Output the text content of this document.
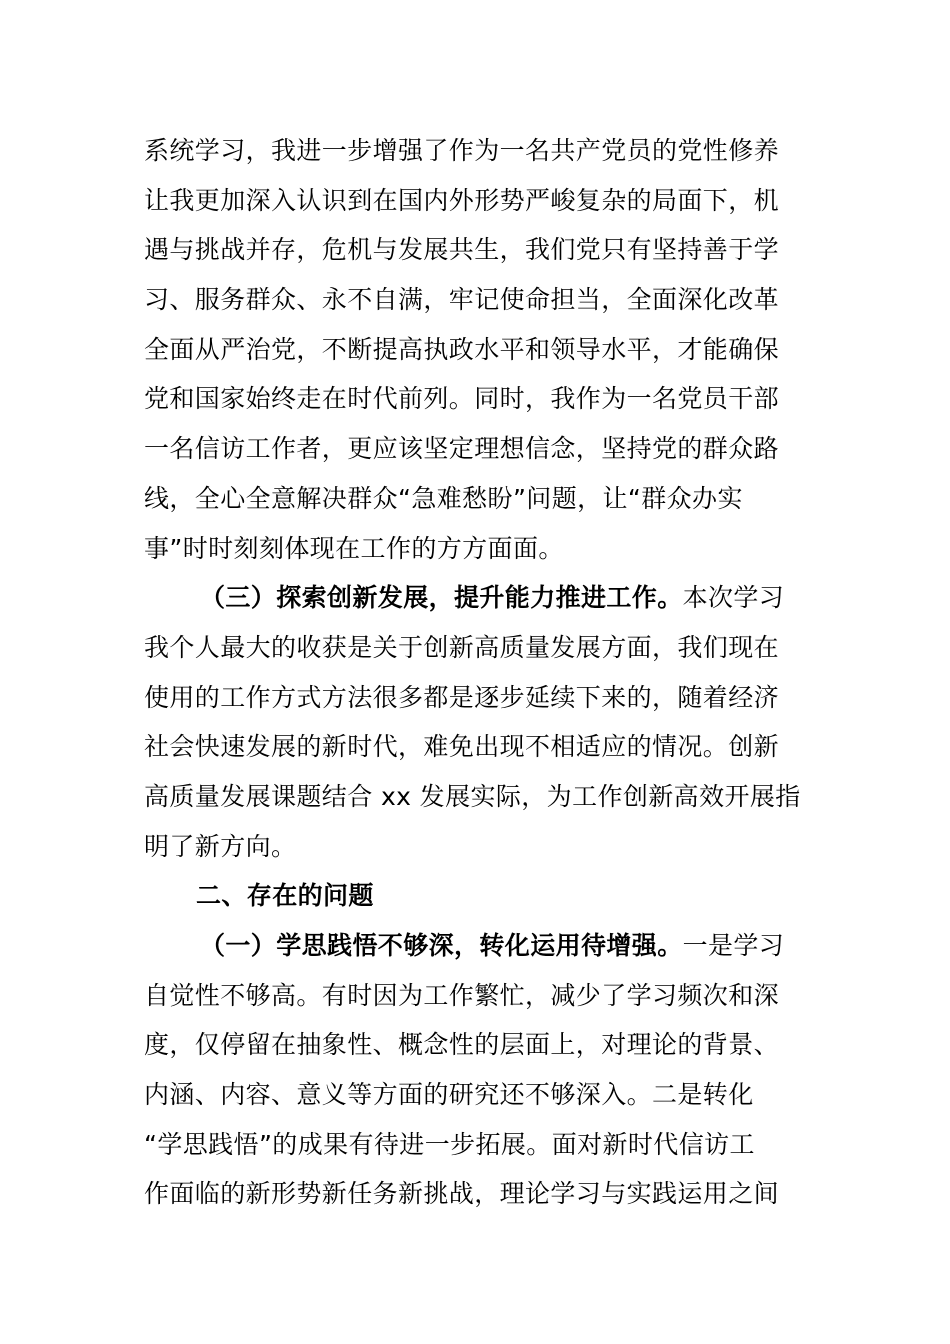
系统学习，我进一步增强了作为一名共产党员的党性修养
让我更加深入认识到在国内外形势严峻复杂的局面下，机
遇与挑战并存，危机与发展共生，我们党只有坚持善于学
习、服务群众、永不自满，牢记使命担当，全面深化改革
全面从严治党，不断提高执政水平和领导水平，才能确保
党和国家始终走在时代前列。同时，我作为一名党员干部
一名信访工作者，更应该坚定理想信念，坚持党的群众路
线，全心全意解决群众“急难愁盼”问题，让“群众办实
事”时时刻刻体现在工作的方方面面。
（三）探索创新发展，提升能力推进工作。本次学习
我个人最大的收获是关于创新高质量发展方面，我们现在
使用的工作方式方法很多都是逐步延续下来的，随着经济
社会快速发展的新时代，难免出现不相适应的情况。创新
高质量发展课题结合 xx 发展实际，为工作创新高效开展指
明了新方向。
二、存在的问题
（一）学思践悟不够深，转化运用待增强。一是学习
自觉性不够高。有时因为工作繁忙，减少了学习频次和深
度，仅停留在抽象性、概念性的层面上，对理论的背景、
内涵、内容、意义等方面的研究还不够深入。二是转化
“学思践悟”的成果有待进一步拓展。面对新时代信访工
作面临的新形势新任务新挑战，理论学习与实践运用之间
